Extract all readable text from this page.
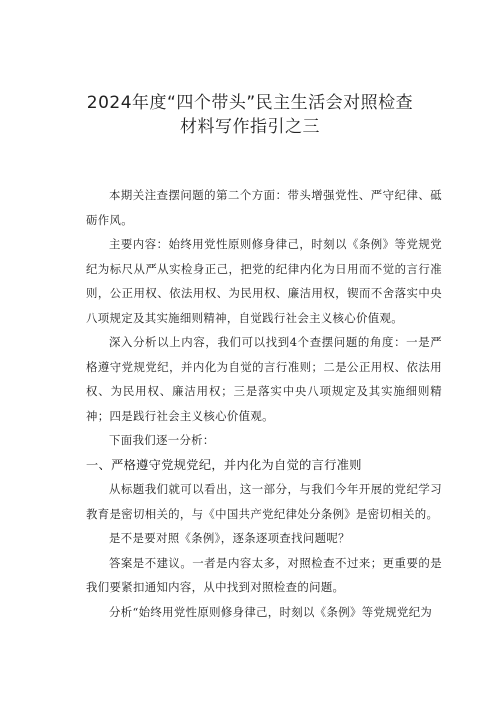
2024年度“四个带头”民主生活会对照检查
材料写作指引之三

本期关注查摆问题的第二个方面：带头增强党性、严守纪律、砥砺作风。

主要内容：始终用党性原则修身律己，时刻以《条例》等党规党纪为标尺从严从实检身正己，把党的纪律内化为日用而不觉的言行准则，公正用权、依法用权、为民用权、廉洁用权，锲而不舍落实中央八项规定及其实施细则精神，自觉践行社会主义核心价值观。

深入分析以上内容，我们可以找到4个查摆问题的角度：一是严格遵守党规党纪，并内化为自觉的言行准则；二是公正用权、依法用权、为民用权、廉洁用权；三是落实中央八项规定及其实施细则精神；四是践行社会主义核心价值观。

下面我们逐一分析：

一、严格遵守党规党纪，并内化为自觉的言行准则

从标题我们就可以看出，这一部分，与我们今年开展的党纪学习教育是密切相关的，与《中国共产党纪律处分条例》是密切相关的。

是不是要对照《条例》，逐条逐项查找问题呢？

答案是不建议。一者是内容太多，对照检查不过来；更重要的是我们要紧扣通知内容，从中找到对照检查的问题。

分析“始终用党性原则修身律己，时刻以《条例》等党规党纪为
